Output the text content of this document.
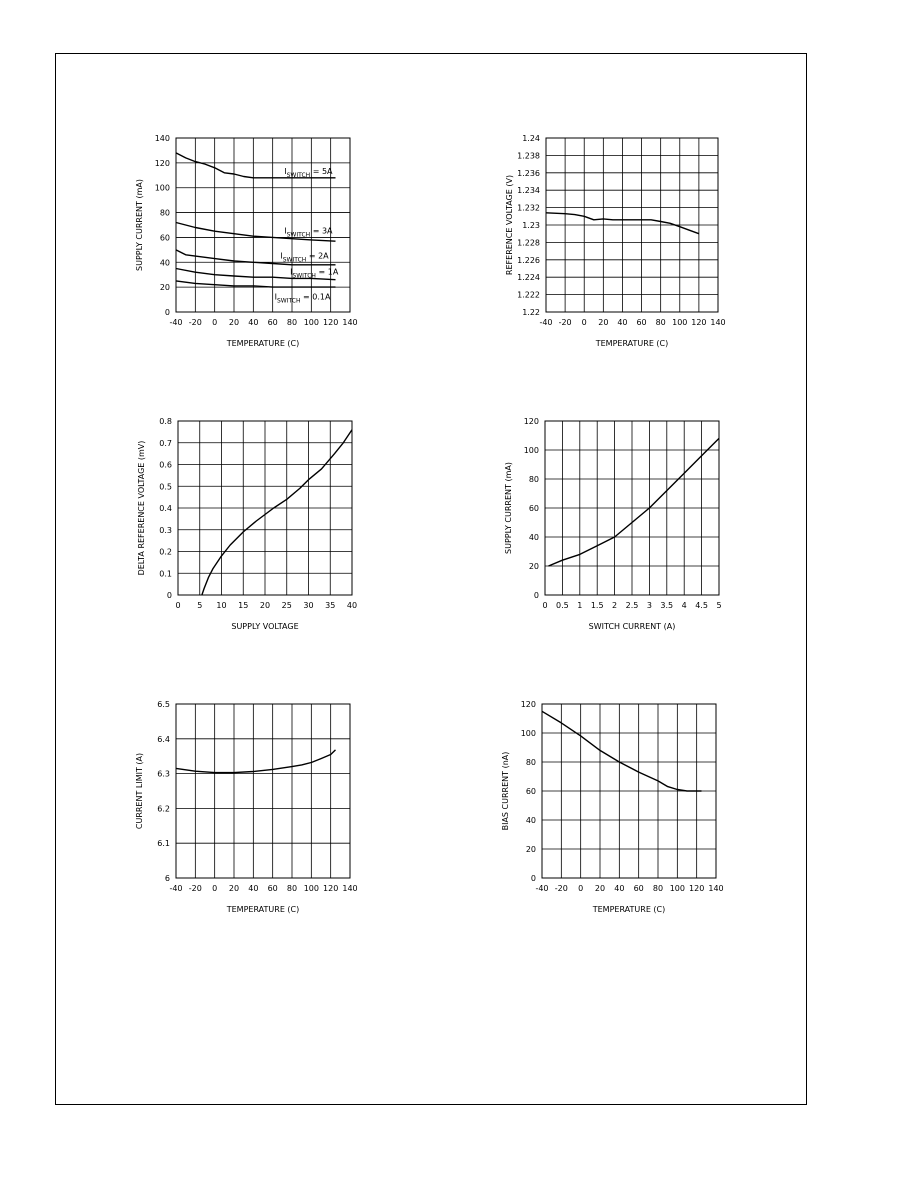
-40 -20 0 20 40 60 80 100 120 140
0
20
40
60
80
100
120
140
TEMPERATURE (C)
SUPPLY CURRENT (mA)
$I_{SWITCH} = 5A$
$I_{SWITCH} = 3A$
$I_{SWITCH} = 2A$
$I_{SWITCH} = 1A$
$I_{SWITCH} = 0.1A$
-40 -20 0 20 40 60 80 100 120 140
1.22
1.222
1.224
1.226
1.228
1.23
1.232
1.234
1.236
1.238
1.24
TEMPERATURE (C)
REFERENCE VOLTAGE (V)
0 5 10 15 20 25 30 35 40
0
0.1
0.2
0.3
0.4
0.5
0.6
0.7
0.8
SUPPLY VOLTAGE
DELTA REFERENCE VOLTAGE (mV)
0 0.5 1 1.5 2 2.5 3 3.5 4 4.5 5
0
20
40
60
80
100
120
SWITCH CURRENT (A)
SUPPLY CURRENT (mA)
-40 -20 0 20 40 60 80 100 120 140
6
6.1
6.2
6.3
6.4
6.5
TEMPERATURE (C)
CURRENT LIMIT (A)
-40 -20 0 20 40 60 80 100 120 140
0
20
40
60
80
100
120
TEMPERATURE (C)
BIAS CURRENT (nA)
